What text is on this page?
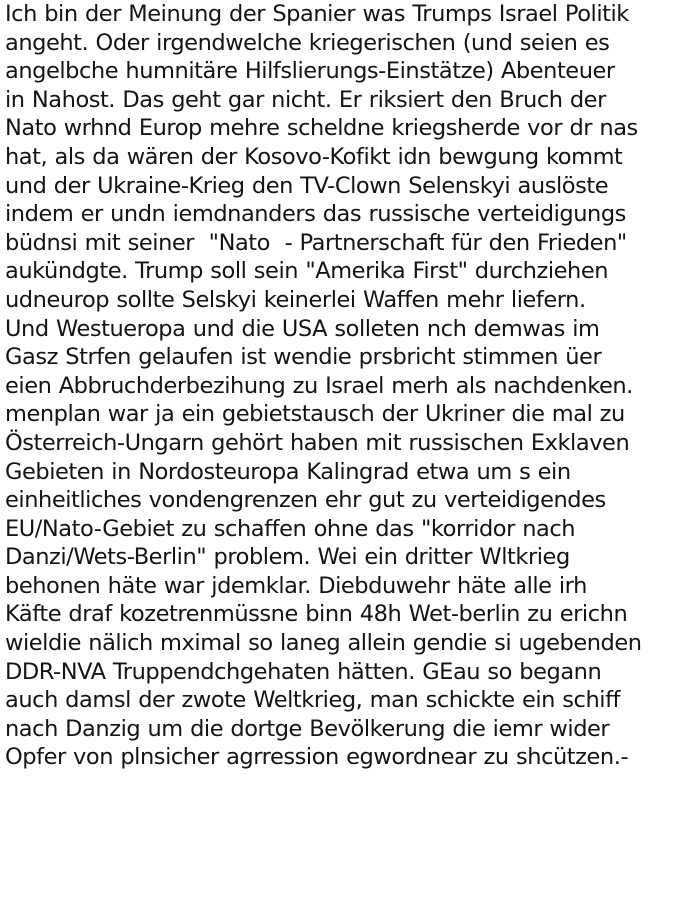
Ich bin der Meinung der Spanier was Trumps Israel Politik
angeht. Oder irgendwelche kriegerischen (und seien es
angelbche humnitäre Hilfslierungs-Einstätze) Abenteuer
in Nahost. Das geht gar nicht. Er riksiert den Bruch der
Nato wrhnd Europ mehre scheldne kriegsherde vor dr nas
hat, als da wären der Kosovo-Kofikt idn bewgung kommt
und der Ukraine-Krieg den TV-Clown Selenskyi auslöste
indem er undn iemdnanders das russische verteidigungs
büdnsi mit seiner  "Nato  - Partnerschaft für den Frieden"
aukündgte. Trump soll sein "Amerika First" durchziehen
udneurop sollte Selskyi keinerlei Waffen mehr liefern.
Und Westueropa und die USA solleten nch demwas im
Gasz Strfen gelaufen ist wendie prsbricht stimmen üer
eien Abbruchderbezihung zu Israel merh als nachdenken.
menplan war ja ein gebietstausch der Ukriner die mal zu
Österreich-Ungarn gehört haben mit russischen Exklaven
Gebieten in Nordosteuropa Kalingrad etwa um s ein
einheitliches vondengrenzen ehr gut zu verteidigendes
EU/Nato-Gebiet zu schaffen ohne das "korridor nach
Danzi/Wets-Berlin" problem. Wei ein dritter Wltkrieg
behonen häte war jdemklar. Diebduwehr häte alle irh
Käfte draf kozetrenmüssne binn 48h Wet-berlin zu erichn
wieldie nälich mximal so laneg allein gendie si ugebenden
DDR-NVA Truppendchgehaten hätten. GEau so begann
auch damsl der zwote Weltkrieg, man schickte ein schiff
nach Danzig um die dortge Bevölkerung die iemr wider
Opfer von plnsicher agrression egwordnear zu shcützen.-
